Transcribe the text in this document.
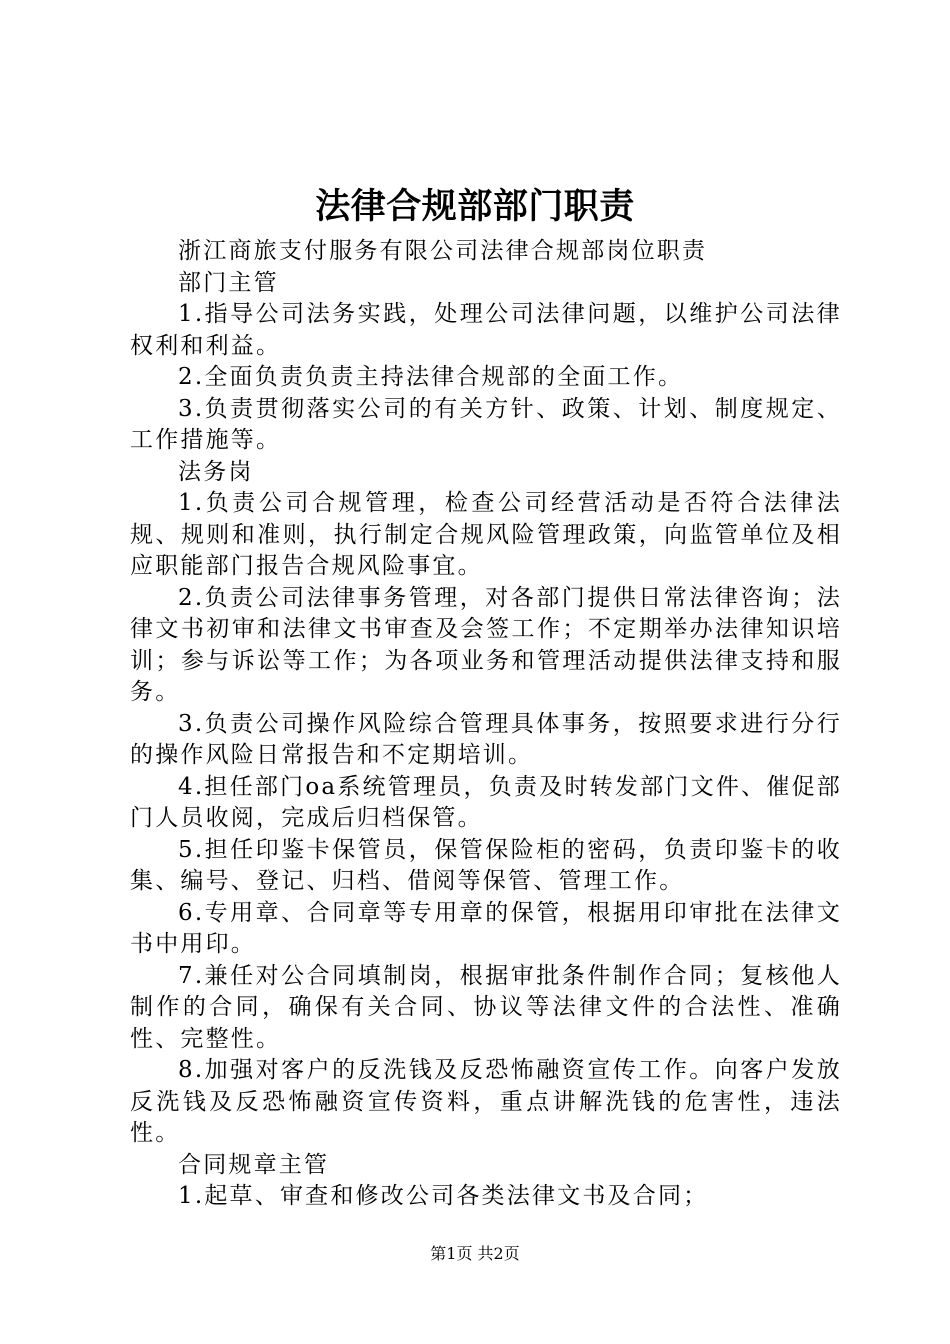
法律合规部部门职责

浙江商旅支付服务有限公司法律合规部岗位职责

部门主管

1.指导公司法务实践，处理公司法律问题，以维护公司法律权利和利益。

2.全面负责负责主持法律合规部的全面工作。

3.负责贯彻落实公司的有关方针、政策、计划、制度规定、工作措施等。

法务岗

1.负责公司合规管理，检查公司经营活动是否符合法律法规、规则和准则，执行制定合规风险管理政策，向监管单位及相应职能部门报告合规风险事宜。

2.负责公司法律事务管理，对各部门提供日常法律咨询；法律文书初审和法律文书审查及会签工作；不定期举办法律知识培训；参与诉讼等工作；为各项业务和管理活动提供法律支持和服务。

3.负责公司操作风险综合管理具体事务，按照要求进行分行的操作风险日常报告和不定期培训。

4.担任部门oa系统管理员，负责及时转发部门文件、催促部门人员收阅，完成后归档保管。

5.担任印鉴卡保管员，保管保险柜的密码，负责印鉴卡的收集、编号、登记、归档、借阅等保管、管理工作。

6.专用章、合同章等专用章的保管，根据用印审批在法律文书中用印。

7.兼任对公合同填制岗，根据审批条件制作合同；复核他人制作的合同，确保有关合同、协议等法律文件的合法性、准确性、完整性。

8.加强对客户的反洗钱及反恐怖融资宣传工作。向客户发放反洗钱及反恐怖融资宣传资料，重点讲解洗钱的危害性，违法性。

合同规章主管

1.起草、审查和修改公司各类法律文书及合同；

第1页 共2页
